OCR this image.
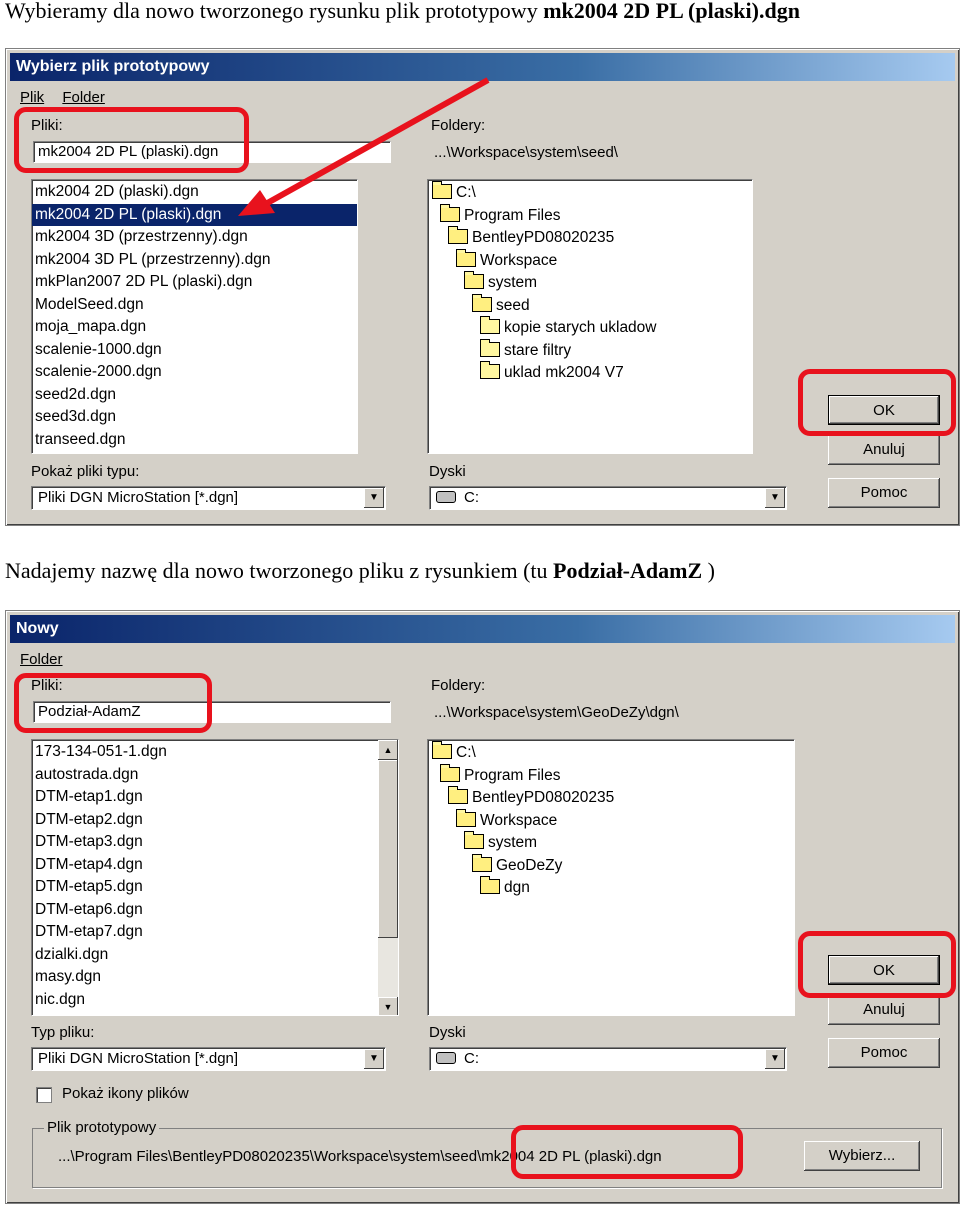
Wybieramy dla nowo tworzonego rysunku plik prototypowy mk2004 2D PL (plaski).dgn
Wybierz plik prototypowy
Plik Folder
Pliki:
mk2004 2D PL (plaski).dgn
Foldery:
...\Workspace\system\seed\
mk2004 2D (plaski).dgn
mk2004 2D PL (plaski).dgn
mk2004 3D (przestrzenny).dgn
mk2004 3D PL (przestrzenny).dgn
mkPlan2007 2D PL (plaski).dgn
ModelSeed.dgn
moja_mapa.dgn
scalenie-1000.dgn
scalenie-2000.dgn
seed2d.dgn
seed3d.dgn
transeed.dgn
C:\
Program Files
BentleyPD08020235
Workspace
system
seed
kopie starych ukladow
stare filtry
uklad mk2004 V7
Pokaż pliki typu:
Pliki DGN MicroStation [*.dgn]	▼
Dyski
C:	▼
OK
Anuluj
Pomoc
Nadajemy nazwę dla nowo tworzonego pliku z rysunkiem (tu Podział-AdamZ )
Nowy
Folder
Pliki:
Podział-AdamZ
Foldery:
...\Workspace\system\GeoDeZy\dgn\
173-134-051-1.dgn
autostrada.dgn
DTM-etap1.dgn
DTM-etap2.dgn
DTM-etap3.dgn
DTM-etap4.dgn
DTM-etap5.dgn
DTM-etap6.dgn
DTM-etap7.dgn
dzialki.dgn
masy.dgn
nic.dgn
▲
▼
C:\
Program Files
BentleyPD08020235
Workspace
system
GeoDeZy
dgn
Typ pliku:
Pliki DGN MicroStation [*.dgn]	▼
Dyski
C:	▼
Pokaż ikony plików
Plik prototypowy
...\Program Files\BentleyPD08020235\Workspace\system\seed\mk2004 2D PL (plaski).dgn
OK
Anuluj
Pomoc
Wybierz...
